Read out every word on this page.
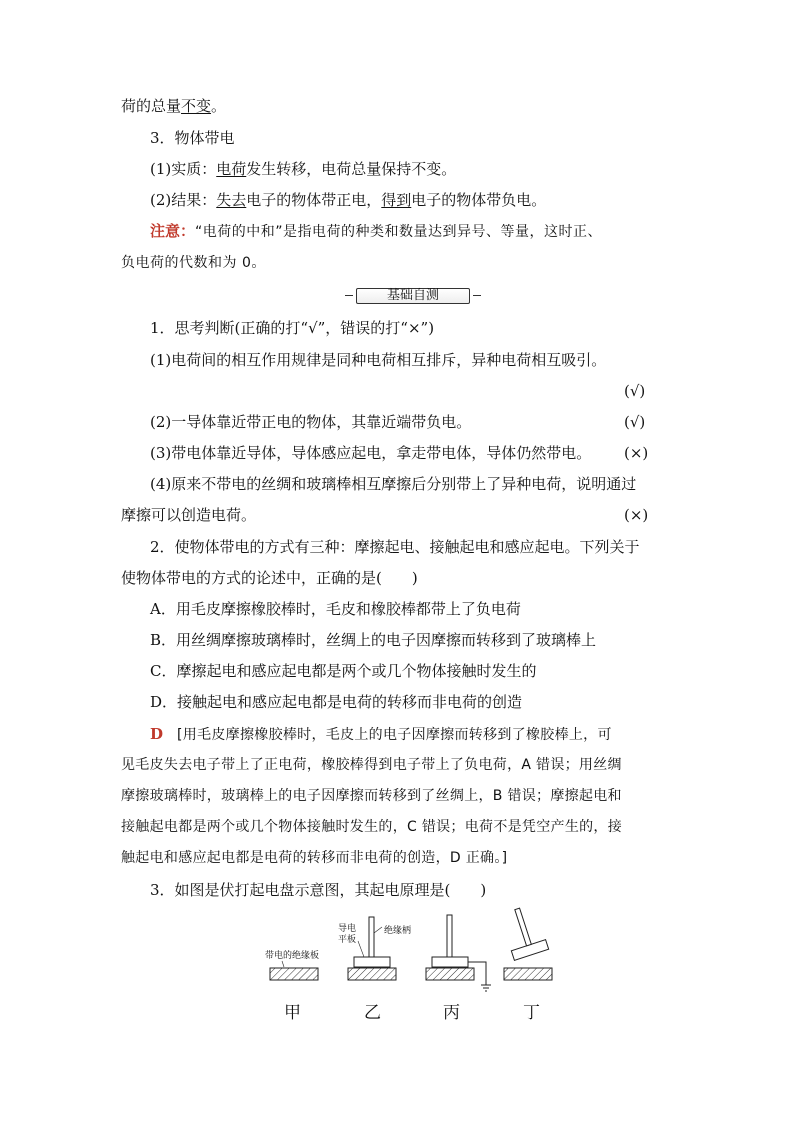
荷的总量不变。
3．物体带电
(1)实质：电荷发生转移，电荷总量保持不变。
(2)结果：失去电子的物体带正电，得到电子的物体带负电。
注意：“电荷的中和”是指电荷的种类和数量达到异号、等量，这时正、
负电荷的代数和为 0。
基础自测
1．思考判断(正确的打“√”，错误的打“×”)
(1)电荷间的相互作用规律是同种电荷相互排斥，异种电荷相互吸引。
(√)
(2)一导体靠近带正电的物体，其靠近端带负电。	(√)
(3)带电体靠近导体，导体感应起电，拿走带电体，导体仍然带电。 (×)
(4)原来不带电的丝绸和玻璃棒相互摩擦后分别带上了异种电荷，说明通过
摩擦可以创造电荷。	(×)
2．使物体带电的方式有三种：摩擦起电、接触起电和感应起电。下列关于
使物体带电的方式的论述中，正确的是(　　)
A．用毛皮摩擦橡胶棒时，毛皮和橡胶棒都带上了负电荷
B．用丝绸摩擦玻璃棒时，丝绸上的电子因摩擦而转移到了玻璃棒上
C．摩擦起电和感应起电都是两个或几个物体接触时发生的
D．接触起电和感应起电都是电荷的转移而非电荷的创造
D [用毛皮摩擦橡胶棒时，毛皮上的电子因摩擦而转移到了橡胶棒上，可
见毛皮失去电子带上了正电荷，橡胶棒得到电子带上了负电荷，A 错误；用丝绸
摩擦玻璃棒时，玻璃棒上的电子因摩擦而转移到了丝绸上，B 错误；摩擦起电和
接触起电都是两个或几个物体接触时发生的，C 错误；电荷不是凭空产生的，接
触起电和感应起电都是电荷的转移而非电荷的创造，D 正确。]
3．如图是伏打起电盘示意图，其起电原理是(　　)
带电的绝缘板
导电
平板
绝缘柄
甲	乙	丙	丁
